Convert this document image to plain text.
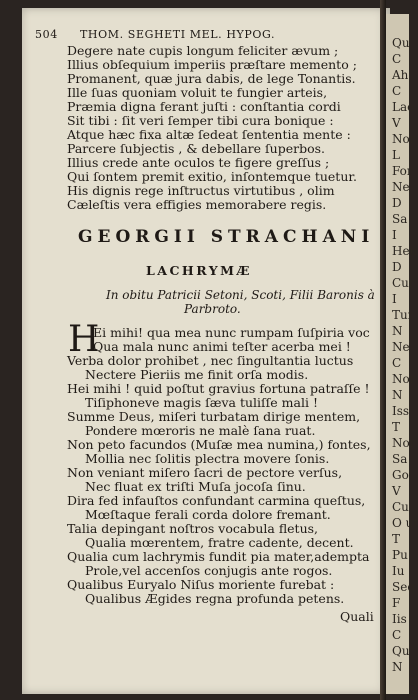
504 THOM. SEGHETI MEL. HYPOG.
Degere nate cupis longum feliciter ævum ;
Illius obſequium imperiis præſtare memento ;
Promanent, quæ jura dabis, de lege Tonantis.
Ille ſuas quoniam voluit te fungier arteis,
Præmia digna ferant juſti : conſtantia cordi
Sit tibi : ſit veri ſemper tibi cura bonique :
Atque hæc fixa altæ ſedeat ſententia mente :
Parcere ſubjectis , & debellare ſuperbos.
Illius crede ante oculos te figere greſſus ;
Qui ſontem premit exitio, inſontemque tuetur.
His dignis rege inſtructus virtutibus , olim
Cæleſtis vera effigies memorabere regis.
GEORGII STRACHANI
LACHRYMÆ
In obitu Patricii Setoni, Scoti, Filii Baronis à
Parbroto.
H
Ei mihi! qua mea nunc rumpam ſuſpiria voc
Qua mala nunc animi teſter acerba mei !
Verba dolor prohibet , nec ſingultantia luctus
Nectere Pieriis me finit orſa modis.
Hei mihi ! quid poſtut gravius fortuna patraſſe !
Tiſiphoneve magis ſæva tuliſſe mali !
Summe Deus, miſeri turbatam dirige mentem,
Pondere mœroris ne malè ſana ruat.
Non peto facundos (Muſæ mea numina,) fontes,
Mollia nec ſolitis plectra movere ſonis.
Non veniant miſero ſacri de pectore verſus,
Nec fluat ex triſti Muſa jocoſa ſinu.
Dira fed infauſtos confundant carmina queſtus,
Mœſtaque ferali corda dolore fremant.
Talia depingant noſtros vocabula fletus,
Qualia mœrentem, fratre cadente, decent.
Qualia cum lachrymis fundit pia mater,adempta
Prole,vel accenſos conjugis ante rogos.
Qualibus Euryalo Niſus moriente furebat :
Qualibus Ægides regna profunda petens.
Quali
Qu
C
Ah
C
Lae
V
Nor
L
For
Ne
D
Sa
I
Heu
D
Cur
I
Tur
N
Ne
C
Nor
N
Iss
T
Nor
Sa
Go
V
Cu
O ut
T
Pu
Iu
Seq
F
Iis
C
Qu
N
